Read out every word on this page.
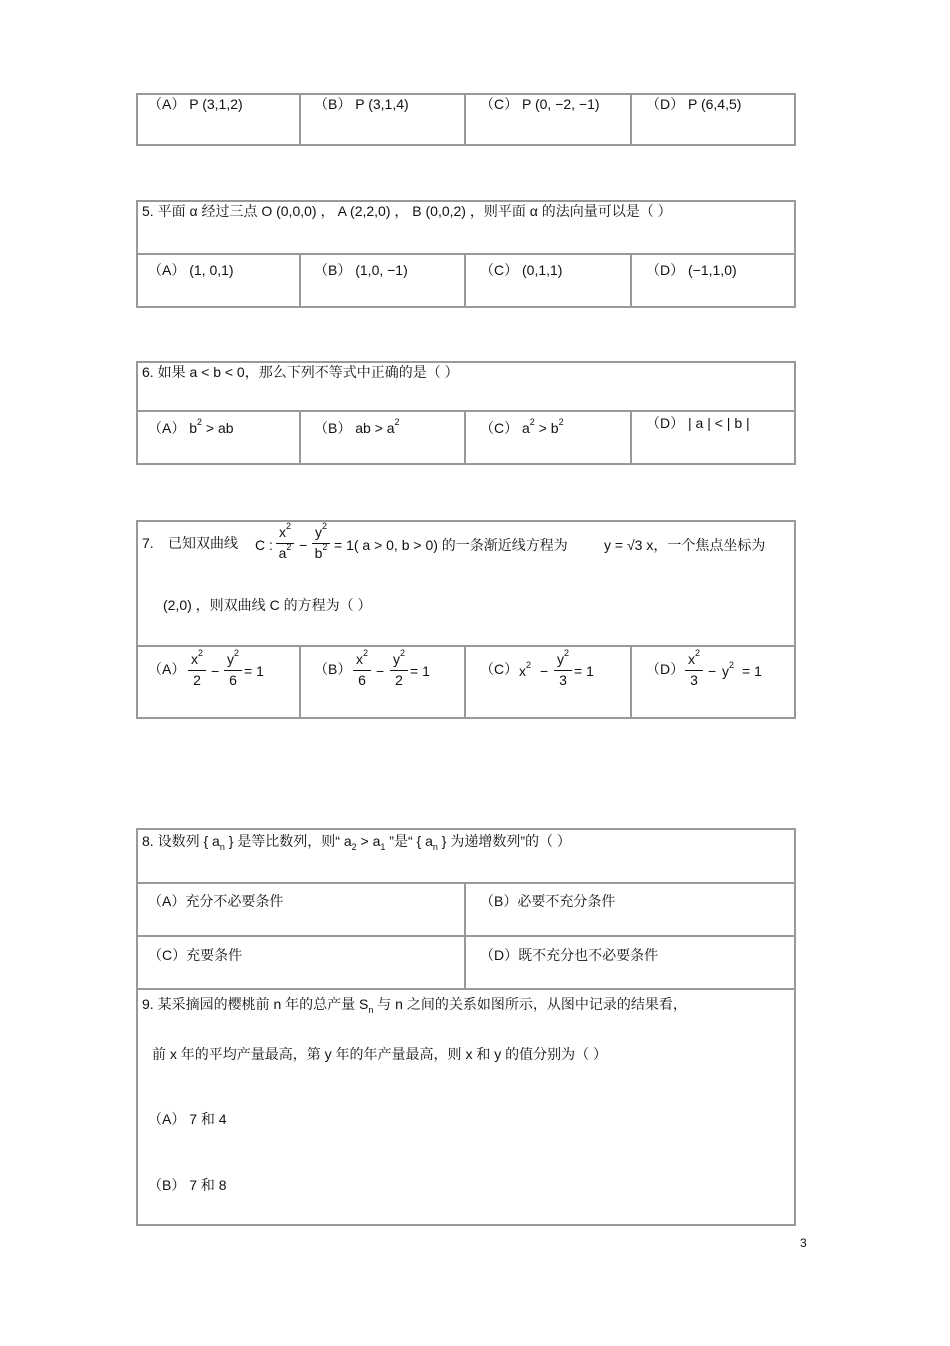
（A） P (3,1,2)	（B） P (3,1,4)	（C） P (0, −2, −1)	（D） P (6,4,5)
5. 平面 α 经过三点 O (0,0,0) ， A (2,2,0) ， B (0,0,2) ，则平面 α 的法向量可以是（ ）
（A） (1, 0,1)	（B） (1,0, −1)	（C） (0,1,1)	（D） (−1,1,0)
6. 如果 a < b < 0，那么下列不等式中正确的是（ ）
（A） $b^2$ > ab	（B） ab > $a^2$	（C） $a^2 > b^2$	（D） | a | < | b |
7. 已知双曲线 C :
$x^2$
$a^2$ −
$y^2$
$b^2 = 1$( a > 0, b > 0) 的一条渐近线方程为	y = √3 x，一个焦点坐标为
(2,0) ，则双曲线 C 的方程为（ ）
（A）
$x^2$
2
−
$y^2$
6
= 1	（B）
$x^2$
6
−
$y^2$
2
= 1	（C） $x^2$ −
$y^2$
3
= 1	（D）
$x^2$
3
− $y^2 = 1$
8. 设数列 { $a_n$ } 是等比数列，则“ $a_2 > a_1$ ”是“ { $a_n$ } 为递增数列”的（ ）
（A）充分不必要条件	（B）必要不充分条件
（C）充要条件	（D）既不充分也不必要条件
9. 某采摘园的樱桃前 n 年的总产量 $S_n$ 与 n 之间的关系如图所示，从图中记录的结果看，
前 x 年的平均产量最高，第 y 年的年产量最高，则 x 和 y 的值分别为（ ）
（A） 7 和 4
（B） 7 和 8
3
